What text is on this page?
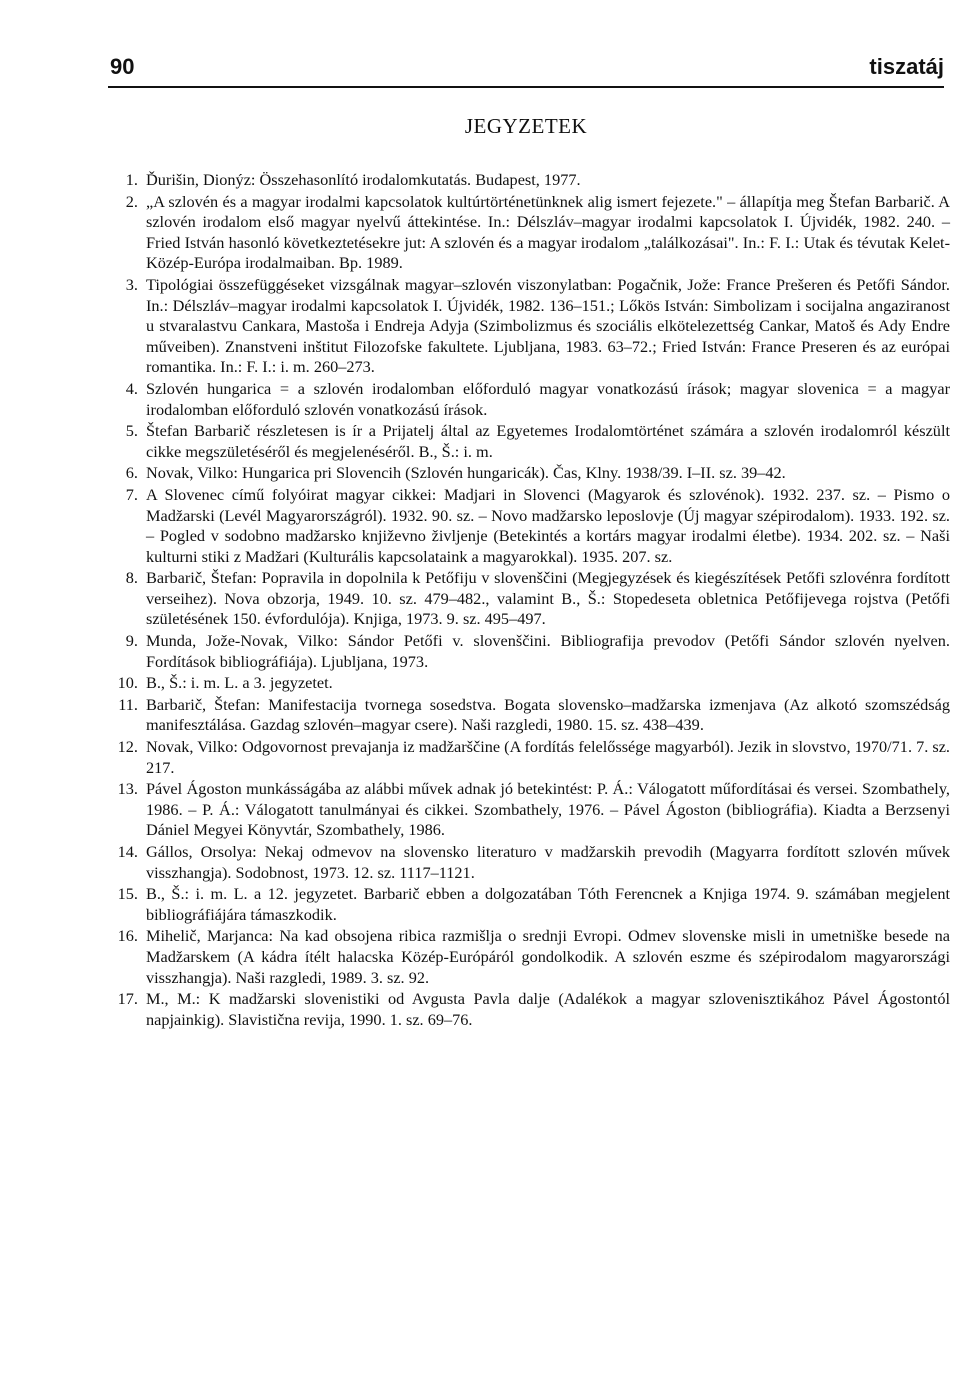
90	tiszatáj
JEGYZETEK
1. Ďurišin, Dionýz: Összehasonlító irodalomkutatás. Budapest, 1977.
2. „A szlovén és a magyar irodalmi kapcsolatok kultúrtörténetünknek alig ismert fejezete." – állapítja meg Štefan Barbarič. A szlovén irodalom első magyar nyelvű áttekintése. In.: Délszláv–magyar irodalmi kapcsolatok I. Újvidék, 1982. 240. – Fried István hasonló következtetésekre jut: A szlovén és a magyar irodalom „találkozásai". In.: F. I.: Utak és tévutak Kelet-Közép-Európa irodalmaiban. Bp. 1989.
3. Tipológiai összefüggéseket vizsgálnak magyar–szlovén viszonylatban: Pogačnik, Jože: France Prešeren és Petőfi Sándor. In.: Délszláv–magyar irodalmi kapcsolatok I. Újvidék, 1982. 136–151.; Lőkös István: Simbolizam i socijalna angaziranost u stvaralastvu Cankara, Mastoša i Endreja Adyja (Szimbolizmus és szociális elkötelezettség Cankar, Matoš és Ady Endre műveiben). Znanstveni inštitut Filozofske fakultete. Ljubljana, 1983. 63–72.; Fried István: France Preseren és az európai romantika. In.: F. I.: i. m. 260–273.
4. Szlovén hungarica = a szlovén irodalomban előforduló magyar vonatkozású írások; magyar slovenica = a magyar irodalomban előforduló szlovén vonatkozású írások.
5. Štefan Barbarič részletesen is ír a Prijatelj által az Egyetemes Irodalomtörténet számára a szlovén irodalomról készült cikke megszületéséről és megjelenéséről. B., Š.: i. m.
6. Novak, Vilko: Hungarica pri Slovencih (Szlovén hungaricák). Čas, Klny. 1938/39. I–II. sz. 39–42.
7. A Slovenec című folyóirat magyar cikkei: Madjari in Slovenci (Magyarok és szlovénok). 1932. 237. sz. – Pismo o Madžarski (Levél Magyarországról). 1932. 90. sz. – Novo madžarsko leposlovje (Új magyar szépirodalom). 1933. 192. sz. – Pogled v sodobno madžarsko književno življenje (Betekintés a kortárs magyar irodalmi életbe). 1934. 202. sz. – Naši kulturni stiki z Madžari (Kulturális kapcsolataink a magyarokkal). 1935. 207. sz.
8. Barbarič, Štefan: Popravila in dopolnila k Petőfiju v slovenščini (Megjegyzések és kiegészítések Petőfi szlovénra fordított verseihez). Nova obzorja, 1949. 10. sz. 479–482., valamint B., Š.: Stopedeseta obletnica Petőfijevega rojstva (Petőfi születésének 150. évfordulója). Knjiga, 1973. 9. sz. 495–497.
9. Munda, Jože-Novak, Vilko: Sándor Petőfi v. slovenščini. Bibliografija prevodov (Petőfi Sándor szlovén nyelven. Fordítások bibliográfiája). Ljubljana, 1973.
10. B., Š.: i. m. L. a 3. jegyzetet.
11. Barbarič, Štefan: Manifestacija tvornega sosedstva. Bogata slovensko–madžarska izmenjava (Az alkotó szomszédság manifesztálása. Gazdag szlovén–magyar csere). Naši razgledi, 1980. 15. sz. 438–439.
12. Novak, Vilko: Odgovornost prevajanja iz madžarščine (A fordítás felelőssége magyarból). Jezik in slovstvo, 1970/71. 7. sz. 217.
13. Pável Ágoston munkásságába az alábbi művek adnak jó betekintést: P. Á.: Válogatott műfordításai és versei. Szombathely, 1986. – P. Á.: Válogatott tanulmányai és cikkei. Szombathely, 1976. – Pável Ágoston (bibliográfia). Kiadta a Berzsenyi Dániel Megyei Könyvtár, Szombathely, 1986.
14. Gállos, Orsolya: Nekaj odmevov na slovensko literaturo v madžarskih prevodih (Magyarra fordított szlovén művek visszhangja). Sodobnost, 1973. 12. sz. 1117–1121.
15. B., Š.: i. m. L. a 12. jegyzetet. Barbarič ebben a dolgozatában Tóth Ferencnek a Knjiga 1974. 9. számában megjelent bibliográfiájára támaszkodik.
16. Mihelič, Marjanca: Na kad obsojena ribica razmišlja o srednji Evropi. Odmev slovenske misli in umetniške besede na Madžarskem (A kádra ítélt halacska Közép-Európáról gondolkodik. A szlovén eszme és szépirodalom magyarországi visszhangja). Naši razgledi, 1989. 3. sz. 92.
17. M., M.: K madžarski slovenistiki od Avgusta Pavla dalje (Adalékok a magyar szlovenisztikához Pável Ágostontól napjainkig). Slavistična revija, 1990. 1. sz. 69–76.
